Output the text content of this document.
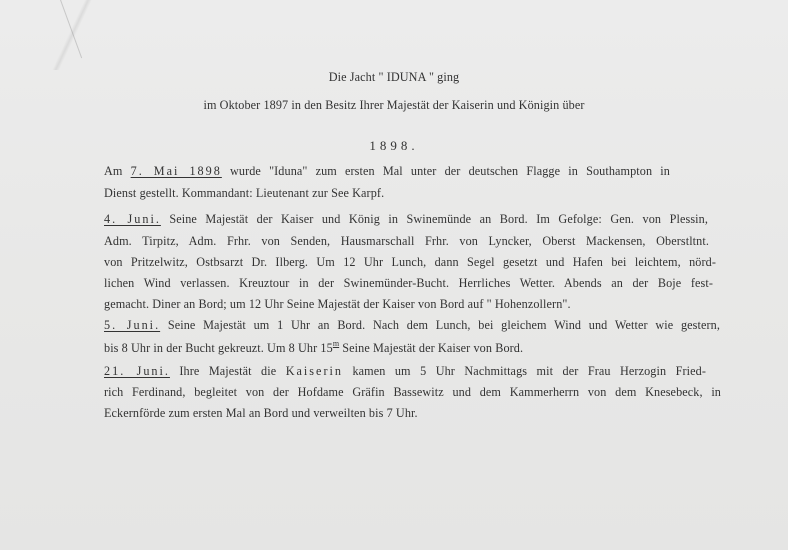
Die Jacht " IDUNA " ging
im Oktober 1897 in den Besitz Ihrer Majestät der Kaiserin und Königin über
1898.
Am 7. Mai 1898 wurde "Iduna" zum ersten Mal unter der deutschen Flagge in Southampton in
Dienst gestellt. Kommandant: Lieutenant zur See Karpf.
4. Juni. Seine Majestät der Kaiser und König in Swinemünde an Bord. Im Gefolge: Gen. von Plessin,
Adm. Tirpitz, Adm. Frhr. von Senden, Hausmarschall Frhr. von Lyncker, Oberst Mackensen, Oberstltnt.
von Pritzelwitz, Ostbsarzt Dr. Ilberg. Um 12 Uhr Lunch, dann Segel gesetzt und Hafen bei leichtem, nörd-
lichen Wind verlassen. Kreuztour in der Swinemünder-Bucht. Herrliches Wetter. Abends an der Boje fest-
gemacht. Diner an Bord; um 12 Uhr Seine Majestät der Kaiser von Bord auf " Hohenzollern".
5. Juni. Seine Majestät um 1 Uhr an Bord. Nach dem Lunch, bei gleichem Wind und Wetter wie gestern,
bis 8 Uhr in der Bucht gekreuzt. Um 8 Uhr 15$^m$ Seine Majestät der Kaiser von Bord.
21. Juni. Ihre Majestät die Kaiserin kamen um 5 Uhr Nachmittags mit der Frau Herzogin Fried-
rich Ferdinand, begleitet von der Hofdame Gräfin Bassewitz und dem Kammerherrn von dem Knesebeck, in
Eckernförde zum ersten Mal an Bord und verweilten bis 7 Uhr.
